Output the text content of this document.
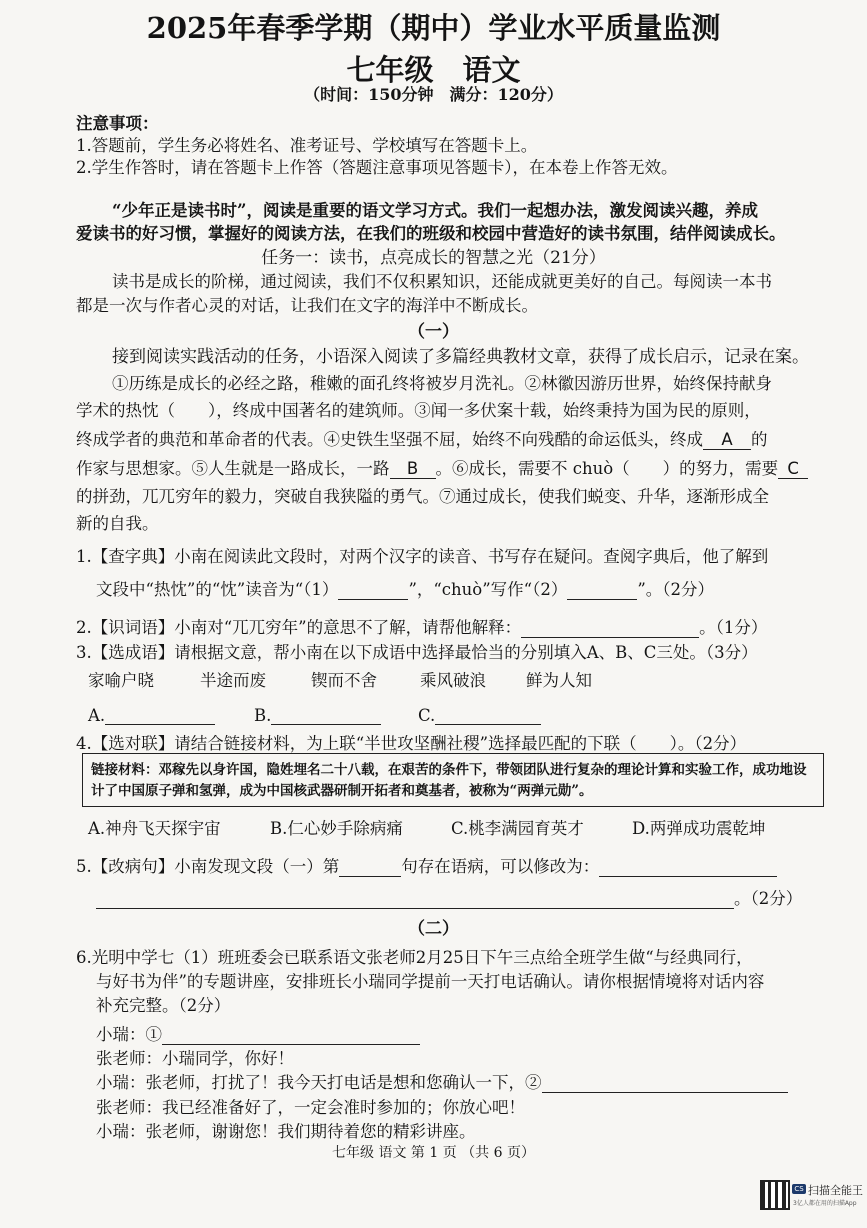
2025年春季学期（期中）学业水平质量监测
七年级　语文
（时间：150分钟　满分：120分）
注意事项：
1.答题前，学生务必将姓名、准考证号、学校填写在答题卡上。
2.学生作答时，请在答题卡上作答（答题注意事项见答题卡），在本卷上作答无效。
“少年正是读书时”，阅读是重要的语文学习方式。我们一起想办法，激发阅读兴趣，养成
爱读书的好习惯，掌握好的阅读方法，在我们的班级和校园中营造好的读书氛围，结伴阅读成长。
任务一：读书，点亮成长的智慧之光（21分）
读书是成长的阶梯，通过阅读，我们不仅积累知识，还能成就更美好的自己。每阅读一本书
都是一次与作者心灵的对话，让我们在文字的海洋中不断成长。
（一）
接到阅读实践活动的任务，小语深入阅读了多篇经典教材文章，获得了成长启示，记录在案。
①历练是成长的必经之路，稚嫩的面孔终将被岁月洗礼。②林徽因游历世界，始终保持献身
学术的热忱（　　），终成中国著名的建筑师。③闻一多伏案十载，始终秉持为国为民的原则，
终成学者的典范和革命者的代表。④史铁生坚强不屈，始终不向残酷的命运低头，终成 A 的
作家与思想家。⑤人生就是一路成长，一路 B 。⑥成长，需要不 chuò（　　）的努力，需要 C
的拼劲，兀兀穷年的毅力，突破自我狭隘的勇气。⑦通过成长，使我们蜕变、升华，逐渐形成全
新的自我。
1.【查字典】小南在阅读此文段时，对两个汉字的读音、书写存在疑问。查阅字典后，他了解到
文段中“热忱”的“忱”读音为“（1）	”，“chuò”写作“（2）	”。（2分）
2.【识词语】小南对“兀兀穷年”的意思不了解，请帮他解释：	。（1分）
3.【选成语】请根据文意，帮小南在以下成语中选择最恰当的分别填入A、B、C三处。（3分）
家喻户晓	半途而废	锲而不舍	乘风破浪 鲜为人知
A.	B.	C.
4.【选对联】请结合链接材料，为上联“半世攻坚酬社稷”选择最匹配的下联（　　）。（2分）
链接材料：邓稼先以身许国，隐姓埋名二十八载，在艰苦的条件下，带领团队进行复杂的理论计算和实验工作，成功地设计了中国原子弹和氢弹，成为中国核武器研制开拓者和奠基者，被称为“两弹元勋”。
A.神舟飞天探宇宙	B.仁心妙手除病痛	C.桃李满园育英才	D.两弹成功震乾坤
5.【改病句】小南发现文段（一）第	句存在语病，可以修改为：
。（2分）
（二）
6.光明中学七（1）班班委会已联系语文张老师2月25日下午三点给全班学生做“与经典同行，
与好书为伴”的专题讲座，安排班长小瑞同学提前一天打电话确认。请你根据情境将对话内容
补充完整。（2分）
小瑞：①
张老师：小瑞同学，你好！
小瑞：张老师，打扰了！我今天打电话是想和您确认一下，②
张老师：我已经准备好了，一定会准时参加的；你放心吧！
小瑞：张老师，谢谢您！我们期待着您的精彩讲座。
七年级 语文 第 1 页 （共 6 页）
CS 扫描全能王
3亿人都在用的扫描App
